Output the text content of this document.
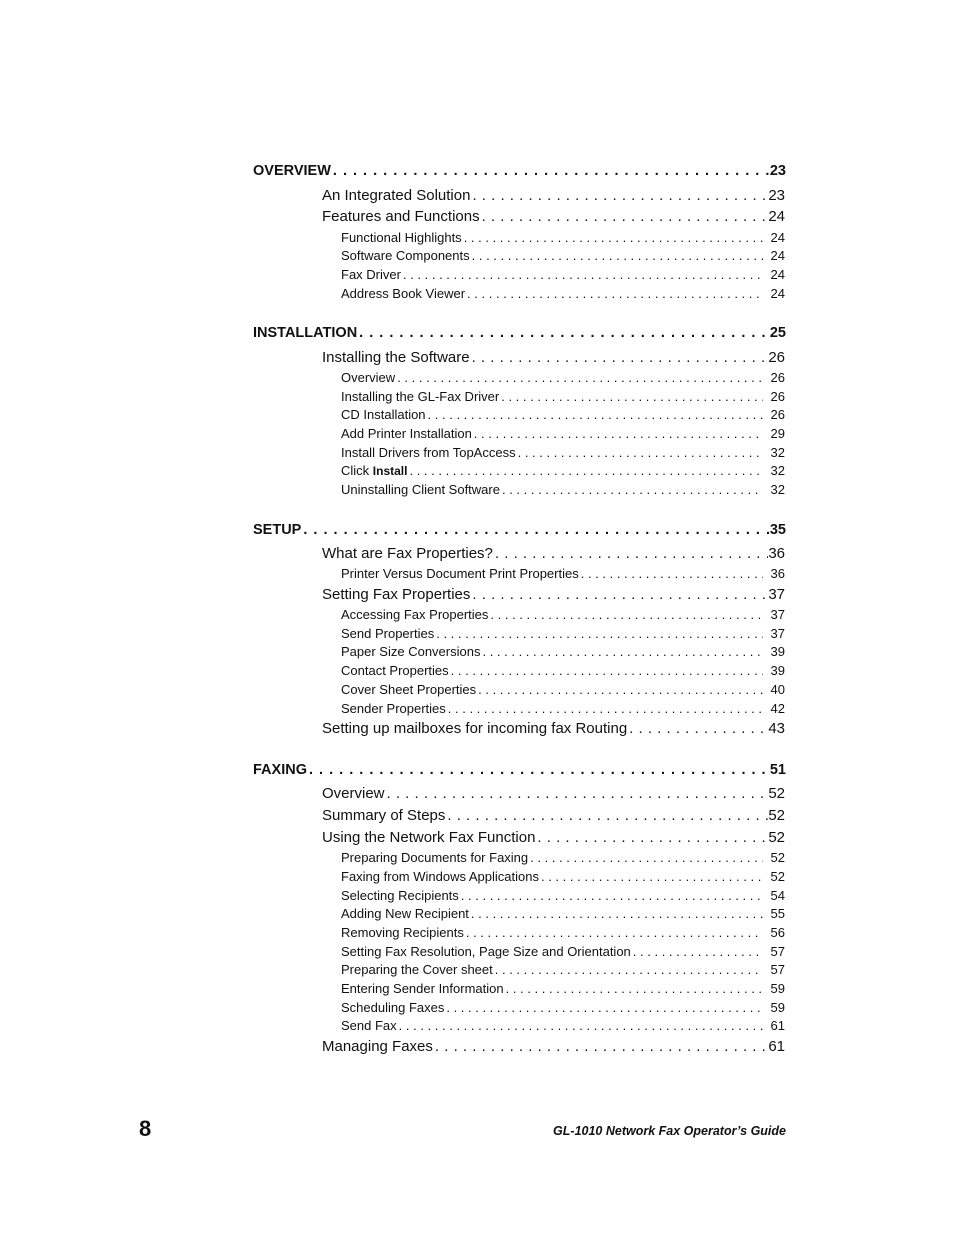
OVERVIEW . . .	23
An Integrated Solution . . .	23
Features and Functions . . .	24
Functional Highlights . . .	24
Software Components . . .	24
Fax Driver . . .	24
Address Book Viewer . . .	24
INSTALLATION . . .	25
Installing the Software . . .	26
Overview . . .	26
Installing the GL-Fax Driver . . .	26
CD Installation . . .	26
Add Printer Installation . . .	29
Install Drivers from TopAccess . . .	32
Click Install . . .	32
Uninstalling Client Software . . .	32
SETUP . . .	35
What are Fax Properties? . . .	36
Printer Versus Document Print Properties . . .	36
Setting Fax Properties . . .	37
Accessing Fax Properties . . .	37
Send Properties . . .	37
Paper Size Conversions . . .	39
Contact Properties . . .	39
Cover Sheet Properties . . .	40
Sender Properties . . .	42
Setting up mailboxes for incoming fax Routing . . .	43
FAXING . . .	51
Overview . . .	52
Summary of Steps . . .	52
Using the Network Fax Function . . .	52
Preparing Documents for Faxing . . .	52
Faxing from Windows Applications . . .	52
Selecting Recipients . . .	54
Adding New Recipient . . .	55
Removing Recipients . . .	56
Setting Fax Resolution, Page Size and Orientation . . .	57
Preparing the Cover sheet . . .	57
Entering Sender Information . . .	59
Scheduling Faxes . . .	59
Send Fax . . .	61
Managing Faxes . . .	61
8	GL-1010 Network Fax Operator’s Guide
